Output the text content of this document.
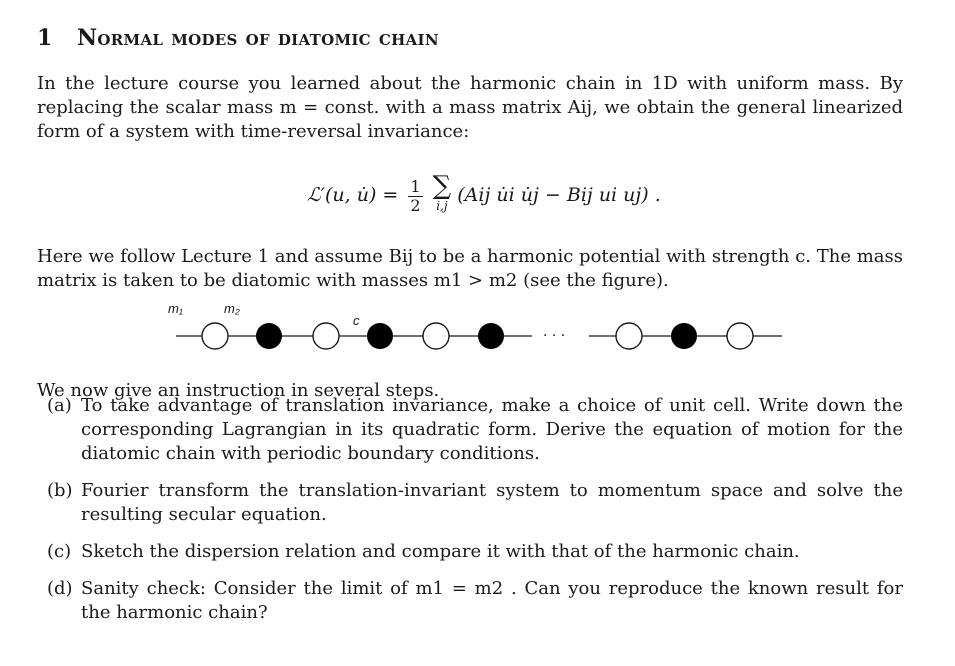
1 Normal modes of diatomic chain

In the lecture course you learned about the harmonic chain in 1D with uniform mass. By replacing the scalar mass m = const. with a mass matrix Aij, we obtain the general linearized form of a system with time-reversal invariance:

ℒ′(u, u̇) = $\frac{1}{2}$
∑
i,j (Aij u̇i u̇j − Bij ui uj) .

Here we follow Lecture 1 and assume Bij to be a harmonic potential with strength c. The mass matrix is taken to be diatomic with masses m1 > m2 (see the figure).

m₁	m₂
c
· · ·

We now give an instruction in several steps.

(a) To take advantage of translation invariance, make a choice of unit cell. Write down the corresponding Lagrangian in its quadratic form. Derive the equation of motion for the diatomic chain with periodic boundary conditions.
(b) Fourier transform the translation-invariant system to momentum space and solve the resulting secular equation.
(c) Sketch the dispersion relation and compare it with that of the harmonic chain.
(d) Sanity check: Consider the limit of m1 = m2 . Can you reproduce the known result for the harmonic chain?
